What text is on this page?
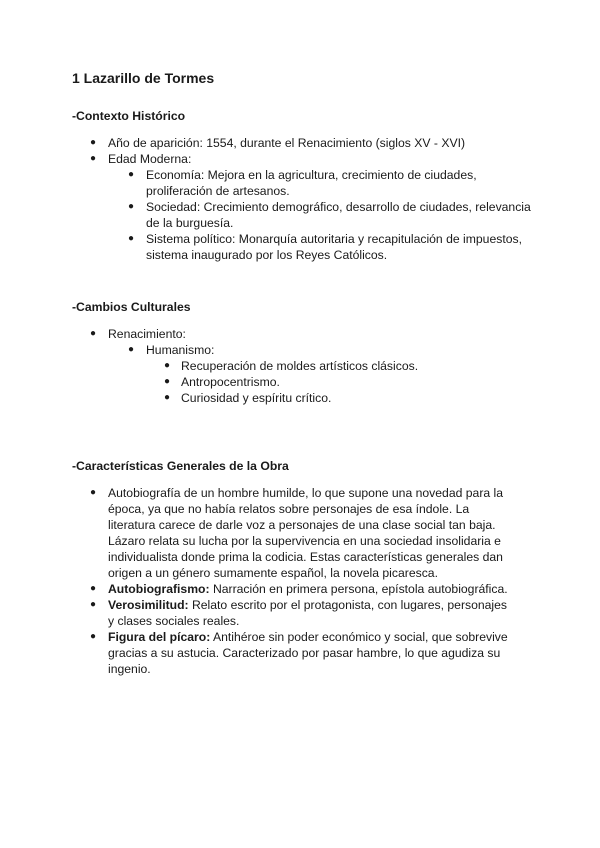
1 Lazarillo de Tormes
-Contexto Histórico
● Año de aparición: 1554, durante el Renacimiento (siglos XV - XVI)
● Edad Moderna:
● Economía: Mejora en la agricultura, crecimiento de ciudades, proliferación de artesanos.
● Sociedad: Crecimiento demográfico, desarrollo de ciudades, relevancia de la burguesía.
● Sistema político: Monarquía autoritaria y recapitulación de impuestos, sistema inaugurado por los Reyes Católicos.
-Cambios Culturales
● Renacimiento:
● Humanismo:
● Recuperación de moldes artísticos clásicos.
● Antropocentrismo.
● Curiosidad y espíritu crítico.
-Características Generales de la Obra
● Autobiografía de un hombre humilde, lo que supone una novedad para la época, ya que no había relatos sobre personajes de esa índole. La literatura carece de darle voz a personajes de una clase social tan baja. Lázaro relata su lucha por la supervivencia en una sociedad insolidaria e individualista donde prima la codicia. Estas características generales dan origen a un género sumamente español, la novela picaresca.
● Autobiografismo: Narración en primera persona, epístola autobiográfica.
● Verosimilitud: Relato escrito por el protagonista, con lugares, personajes y clases sociales reales.
● Figura del pícaro: Antihéroe sin poder económico y social, que sobrevive gracias a su astucia. Caracterizado por pasar hambre, lo que agudiza su ingenio.
